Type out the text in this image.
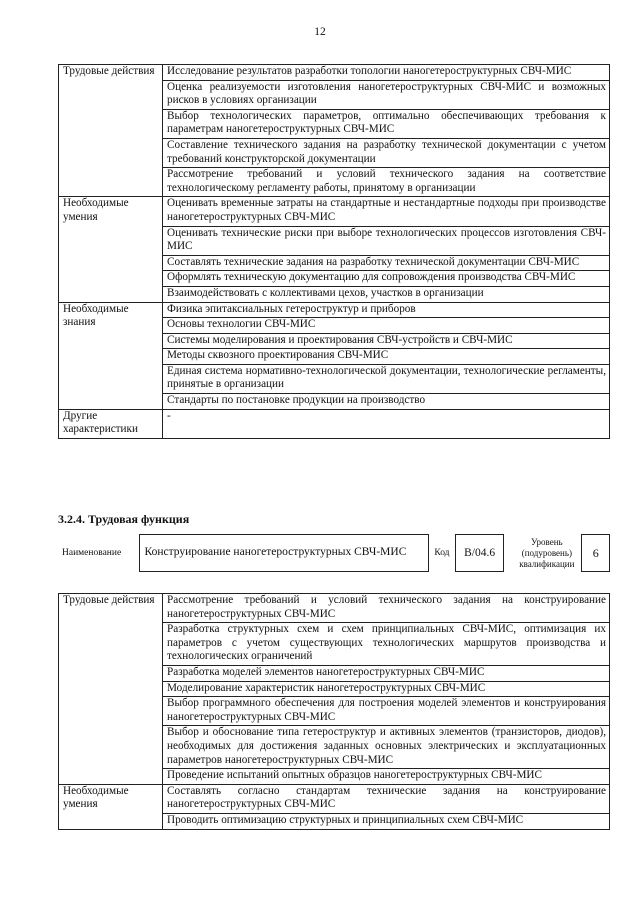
12
Трудовые действия	Исследование результатов разработки топологии наногетероструктурных СВЧ-МИС
	Оценка реализуемости изготовления наногетероструктурных СВЧ-МИС и возможных рисков в условиях организации
	Выбор технологических параметров, оптимально обеспечивающих требования к параметрам наногетероструктурных СВЧ-МИС
	Составление технического задания на разработку технической документации с учетом требований конструкторской документации
	Рассмотрение требований и условий технического задания на соответствие технологическому регламенту работы, принятому в организации
Необходимые умения	Оценивать временные затраты на стандартные и нестандартные подходы при производстве наногетероструктурных СВЧ-МИС
	Оценивать технические риски при выборе технологических процессов изготовления СВЧ-МИС
	Составлять технические задания на разработку технической документации СВЧ-МИС
	Оформлять техническую документацию для сопровождения производства СВЧ-МИС
	Взаимодействовать с коллективами цехов, участков в организации
Необходимые знания	Физика эпитаксиальных гетероструктур и приборов
	Основы технологии СВЧ-МИС
	Системы моделирования и проектирования СВЧ-устройств и СВЧ-МИС
	Методы сквозного проектирования СВЧ-МИС
	Единая система нормативно-технологической документации, технологические регламенты, принятые в организации
	Стандарты по постановке продукции на производство
Другие характеристики	-
3.2.4. Трудовая функция
Наименование	Конструирование наногетероструктурных СВЧ-МИС	Код	B/04.6		Уровень (подуровень) квалификации	6
Трудовые действия	Рассмотрение требований и условий технического задания на конструирование наногетероструктурных СВЧ-МИС
	Разработка структурных схем и схем принципиальных СВЧ-МИС, оптимизация их параметров с учетом существующих технологических маршрутов производства и технологических ограничений
	Разработка моделей элементов наногетероструктурных СВЧ-МИС
	Моделирование характеристик наногетероструктурных СВЧ-МИС
	Выбор программного обеспечения для построения моделей элементов и конструирования наногетероструктурных СВЧ-МИС
	Выбор и обоснование типа гетероструктур и активных элементов (транзисторов, диодов), необходимых для достижения заданных основных электрических и эксплуатационных параметров наногетероструктурных СВЧ-МИС
	Проведение испытаний опытных образцов наногетероструктурных СВЧ-МИС
Необходимые умения	Составлять согласно стандартам технические задания на конструирование наногетероструктурных СВЧ-МИС
	Проводить оптимизацию структурных и принципиальных схем СВЧ-МИС
